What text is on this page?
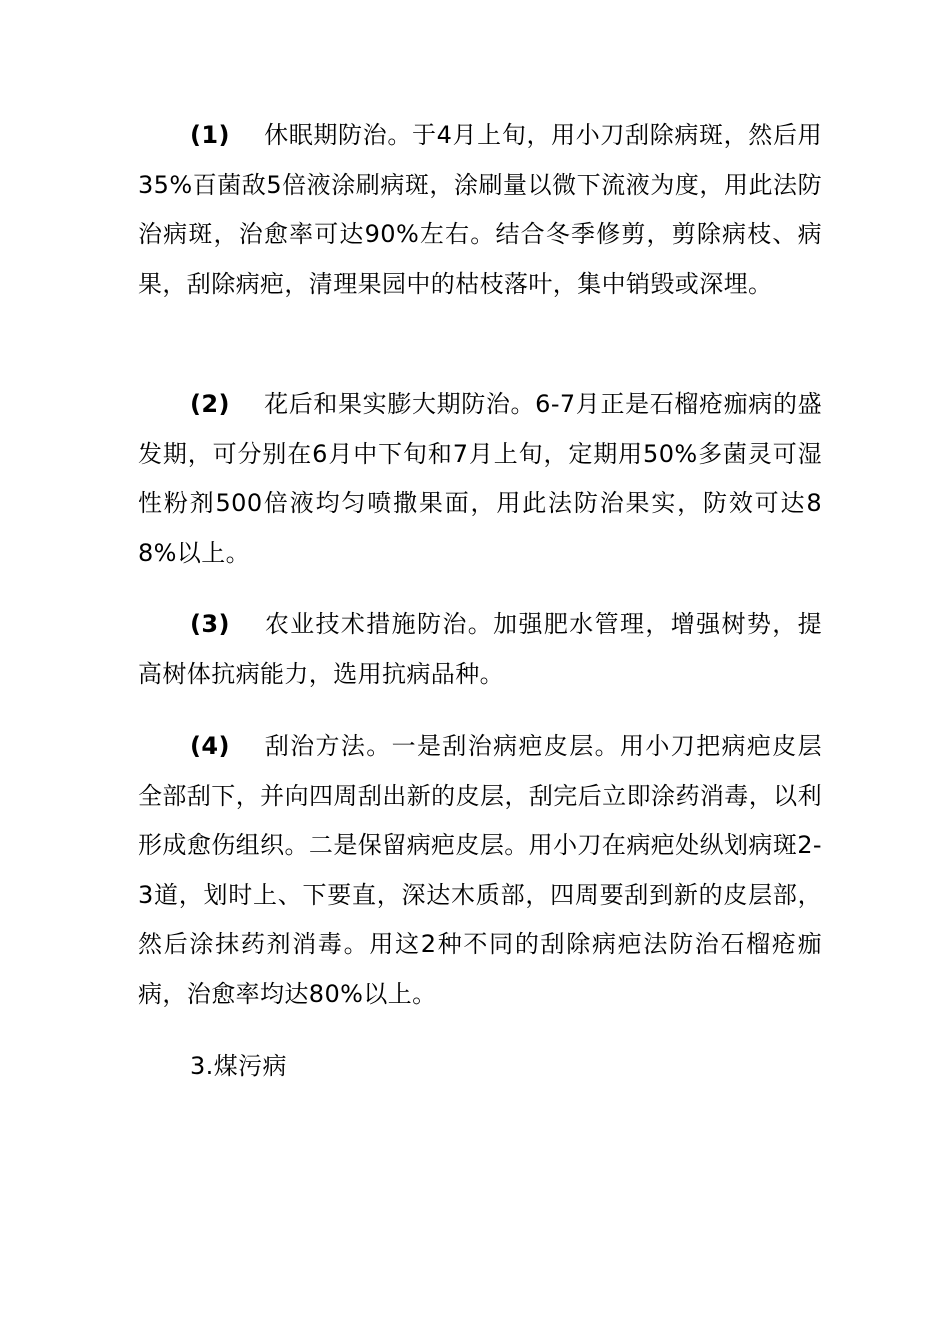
(1) 休眠期防治。于4月上旬，用小刀刮除病斑，然后用35%百菌敌5倍液涂刷病斑，涂刷量以微下流液为度，用此法防治病斑，治愈率可达90%左右。结合冬季修剪，剪除病枝、病果，刮除病疤，清理果园中的枯枝落叶，集中销毁或深埋。

(2) 花后和果实膨大期防治。6-7月正是石榴疮痂病的盛发期，可分别在6月中下旬和7月上旬，定期用50%多菌灵可湿性粉剂500倍液均匀喷撒果面，用此法防治果实，防效可达88%以上。

(3) 农业技术措施防治。加强肥水管理，增强树势，提高树体抗病能力，选用抗病品种。

(4) 刮治方法。一是刮治病疤皮层。用小刀把病疤皮层全部刮下，并向四周刮出新的皮层，刮完后立即涂药消毒，以利形成愈伤组织。二是保留病疤皮层。用小刀在病疤处纵划病斑2-3道，划时上、下要直，深达木质部，四周要刮到新的皮层部，然后涂抹药剂消毒。用这2种不同的刮除病疤法防治石榴疮痂病，治愈率均达80%以上。

3.煤污病
